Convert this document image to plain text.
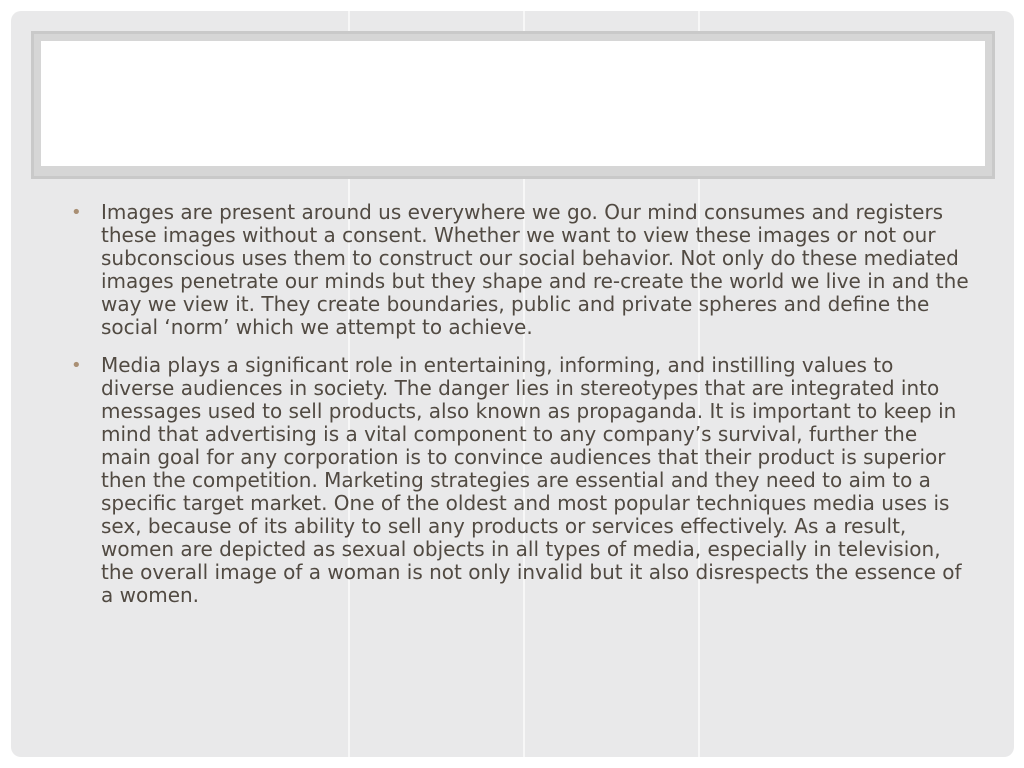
• Images are present around us everywhere we go. Our mind consumes and registers these images without a consent. Whether we want to view these images or not our subconscious uses them to construct our social behavior. Not only do these mediated images penetrate our minds but they shape and re-create the world we live in and the way we view it. They create boundaries, public and private spheres and define the social ‘norm’ which we attempt to achieve.
• Media plays a significant role in entertaining, informing, and instilling values to diverse audiences in society. The danger lies in stereotypes that are integrated into messages used to sell products, also known as propaganda. It is important to keep in mind that advertising is a vital component to any company’s survival, further the main goal for any corporation is to convince audiences that their product is superior then the competition. Marketing strategies are essential and they need to aim to a specific target market. One of the oldest and most popular techniques media uses is sex, because of its ability to sell any products or services effectively. As a result, women are depicted as sexual objects in all types of media, especially in television, the overall image of a woman is not only invalid but it also disrespects the essence of a women.
